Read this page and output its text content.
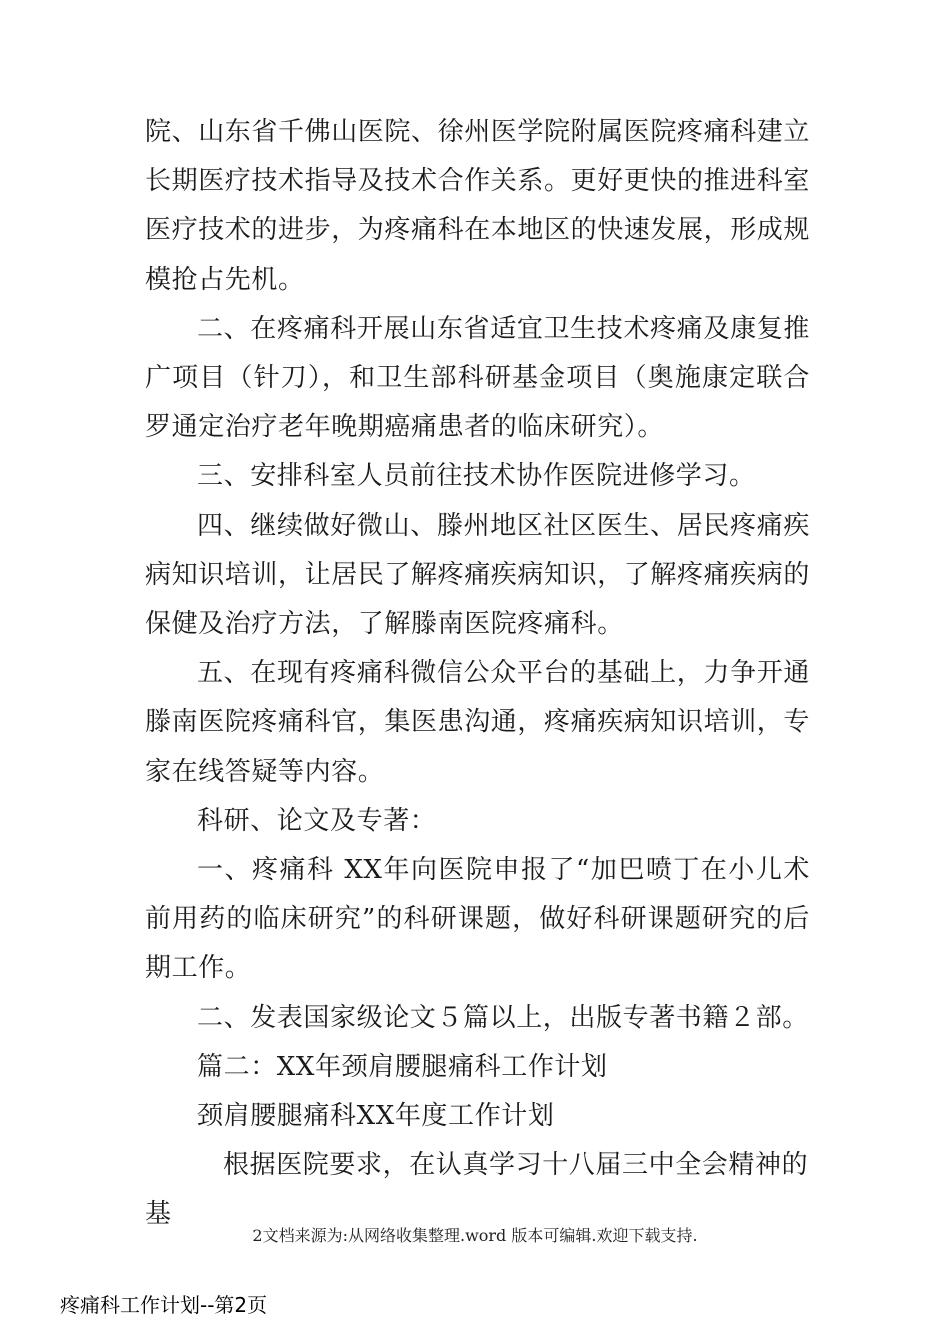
院、山东省千佛山医院、徐州医学院附属医院疼痛科建立长期医疗技术指导及技术合作关系。更好更快的推进科室医疗技术的进步，为疼痛科在本地区的快速发展，形成规模抢占先机。

二、在疼痛科开展山东省适宜卫生技术疼痛及康复推广项目（针刀），和卫生部科研基金项目（奥施康定联合罗通定治疗老年晚期癌痛患者的临床研究）。

三、安排科室人员前往技术协作医院进修学习。

四、继续做好微山、滕州地区社区医生、居民疼痛疾病知识培训，让居民了解疼痛疾病知识，了解疼痛疾病的保健及治疗方法，了解滕南医院疼痛科。

五、在现有疼痛科微信公众平台的基础上，力争开通滕南医院疼痛科官，集医患沟通，疼痛疾病知识培训，专家在线答疑等内容。

科研、论文及专著：

一、疼痛科 XX年向医院申报了“加巴喷丁在小儿术前用药的临床研究”的科研课题，做好科研课题研究的后期工作。

二、发表国家级论文５篇以上，出版专著书籍２部。

篇二：XX年颈肩腰腿痛科工作计划

颈肩腰腿痛科XX年度工作计划

根据医院要求，在认真学习十八届三中全会精神的基

2文档来源为:从网络收集整理.word 版本可编辑.欢迎下载支持.
疼痛科工作计划--第2页
